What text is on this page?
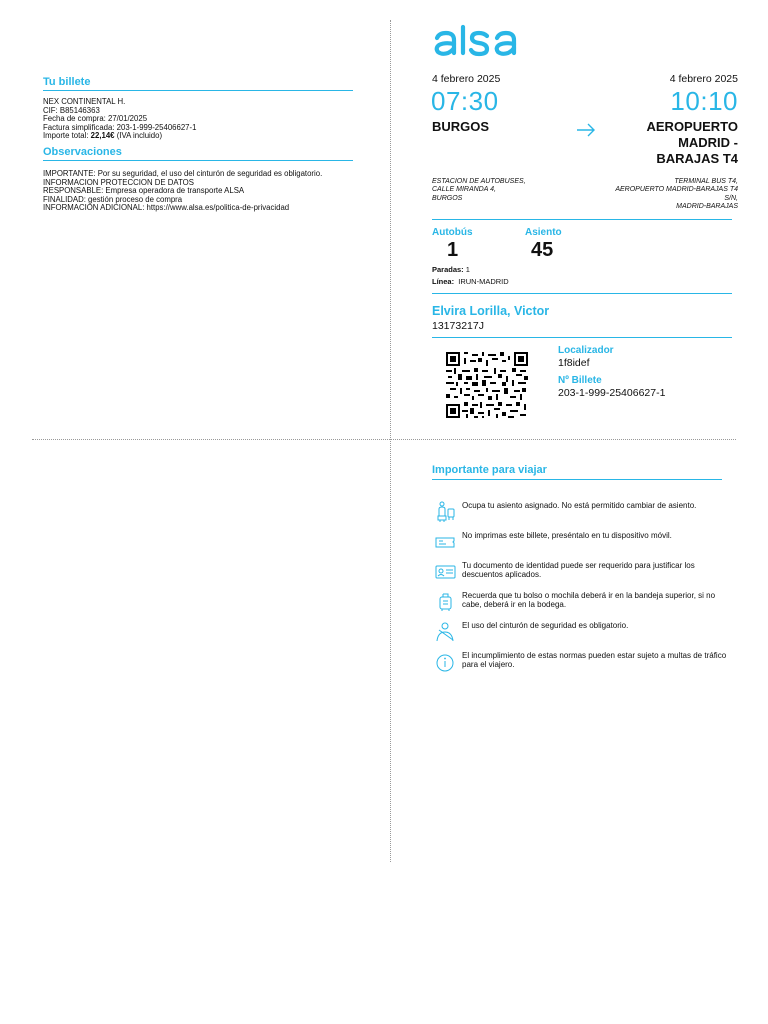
Tu billete
NEX CONTINENTAL H.
CIF: B85146363
Fecha de compra: 27/01/2025
Factura simplificada: 203-1-999-25406627-1
Importe total: 22,14€ (IVA incluido)
Observaciones
IMPORTANTE: Por su seguridad, el uso del cinturón de seguridad es obligatorio.
INFORMACION PROTECCION DE DATOS
RESPONSABLE: Empresa operadora de transporte ALSA
FINALIDAD: gestión proceso de compra
INFORMACION ADICIONAL: https://www.alsa.es/politica-de-privacidad
4 febrero 2025	4 febrero 2025
07:30	10:10
BURGOS	AEROPUERTO
MADRID -
BARAJAS T4
ESTACION DE AUTOBUSES,
CALLE MIRANDA 4,
BURGOS
TERMINAL BUS T4,
AEROPUERTO MADRID-BARAJAS T4
S/N,
MADRID-BARAJAS
Autobús
1
Asiento
45
Paradas: 1
Línea: IRUN-MADRID
Elvira Lorilla, Victor
13173217J
Localizador
1f8idef
Nº Billete
203-1-999-25406627-1
Importante para viajar
Ocupa tu asiento asignado. No está permitido cambiar de asiento.
No imprimas este billete, preséntalo en tu dispositivo móvil.
Tu documento de identidad puede ser requerido para justificar los descuentos aplicados.
Recuerda que tu bolso o mochila deberá ir en la bandeja superior, si no cabe, deberá ir en la bodega.
El uso del cinturón de seguridad es obligatorio.
El incumplimiento de estas normas pueden estar sujeto a multas de tráfico para el viajero.
